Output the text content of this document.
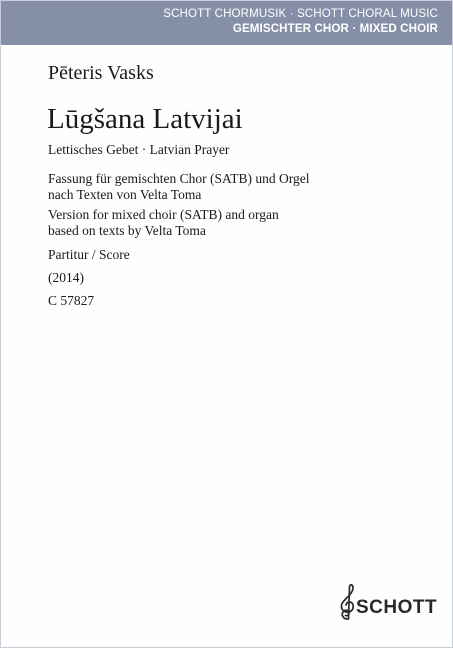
SCHOTT CHORMUSIK · SCHOTT CHORAL MUSIC
GEMISCHTER CHOR · MIXED CHOIR
Pēteris Vasks
Lūgšana Latvijai
Lettisches Gebet · Latvian Prayer
Fassung für gemischten Chor (SATB) und Orgel
nach Texten von Velta Toma
Version for mixed choir (SATB) and organ
based on texts by Velta Toma
Partitur / Score
(2014)
C 57827
SCHOTT
